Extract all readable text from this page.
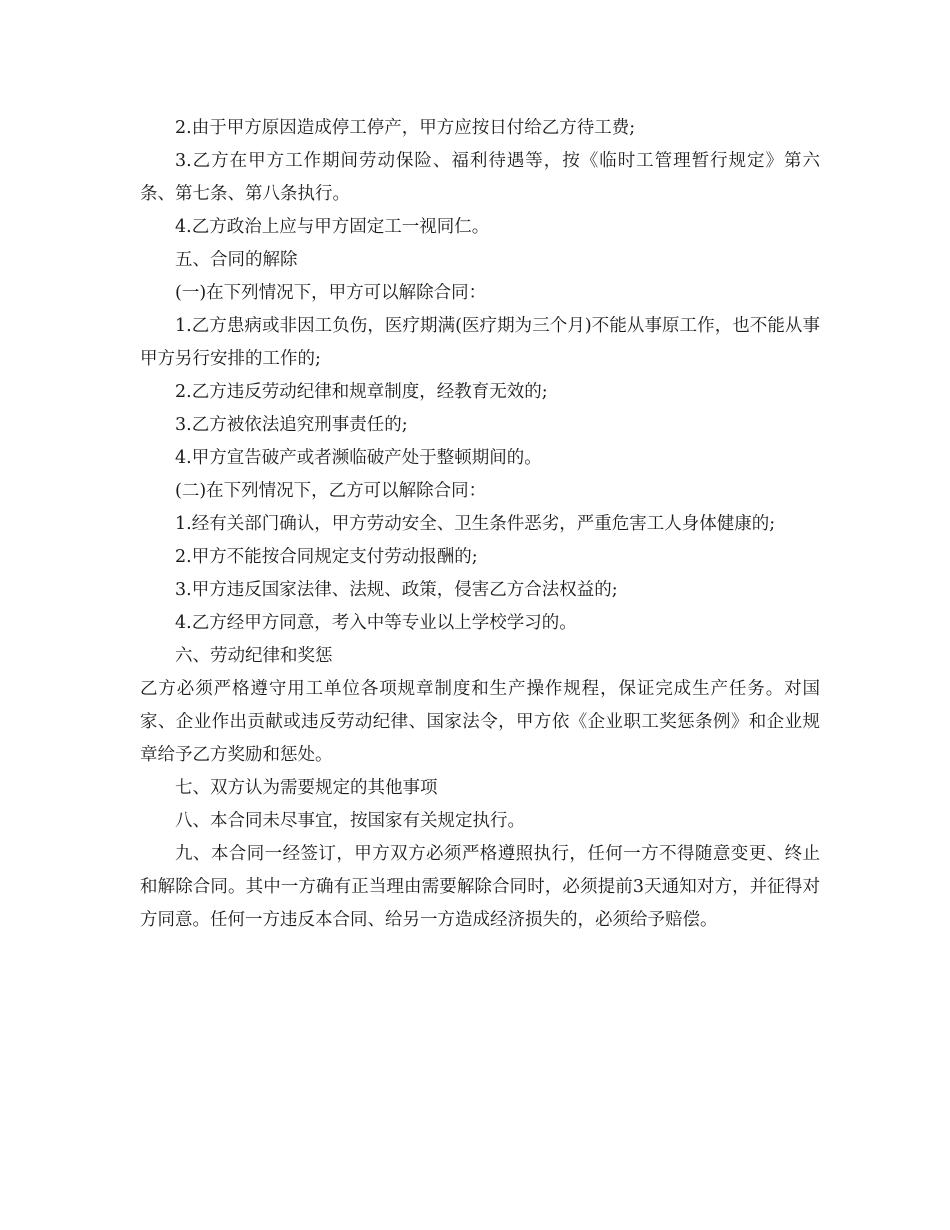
2.由于甲方原因造成停工停产，甲方应按日付给乙方待工费;

3.乙方在甲方工作期间劳动保险、福利待遇等，按《临时工管理暂行规定》第六条、第七条、第八条执行。

4.乙方政治上应与甲方固定工一视同仁。

五、合同的解除

(一)在下列情况下，甲方可以解除合同：

1.乙方患病或非因工负伤，医疗期满(医疗期为三个月)不能从事原工作，也不能从事甲方另行安排的工作的;

2.乙方违反劳动纪律和规章制度，经教育无效的;

3.乙方被依法追究刑事责任的;

4.甲方宣告破产或者濒临破产处于整顿期间的。

(二)在下列情况下，乙方可以解除合同：

1.经有关部门确认，甲方劳动安全、卫生条件恶劣，严重危害工人身体健康的;

2.甲方不能按合同规定支付劳动报酬的;

3.甲方违反国家法律、法规、政策，侵害乙方合法权益的;

4.乙方经甲方同意，考入中等专业以上学校学习的。

六、劳动纪律和奖惩

乙方必须严格遵守用工单位各项规章制度和生产操作规程，保证完成生产任务。对国家、企业作出贡献或违反劳动纪律、国家法令，甲方依《企业职工奖惩条例》和企业规章给予乙方奖励和惩处。

七、双方认为需要规定的其他事项

八、本合同未尽事宜，按国家有关规定执行。

九、本合同一经签订，甲方双方必须严格遵照执行，任何一方不得随意变更、终止和解除合同。其中一方确有正当理由需要解除合同时，必须提前3天通知对方，并征得对方同意。任何一方违反本合同、给另一方造成经济损失的，必须给予赔偿。
